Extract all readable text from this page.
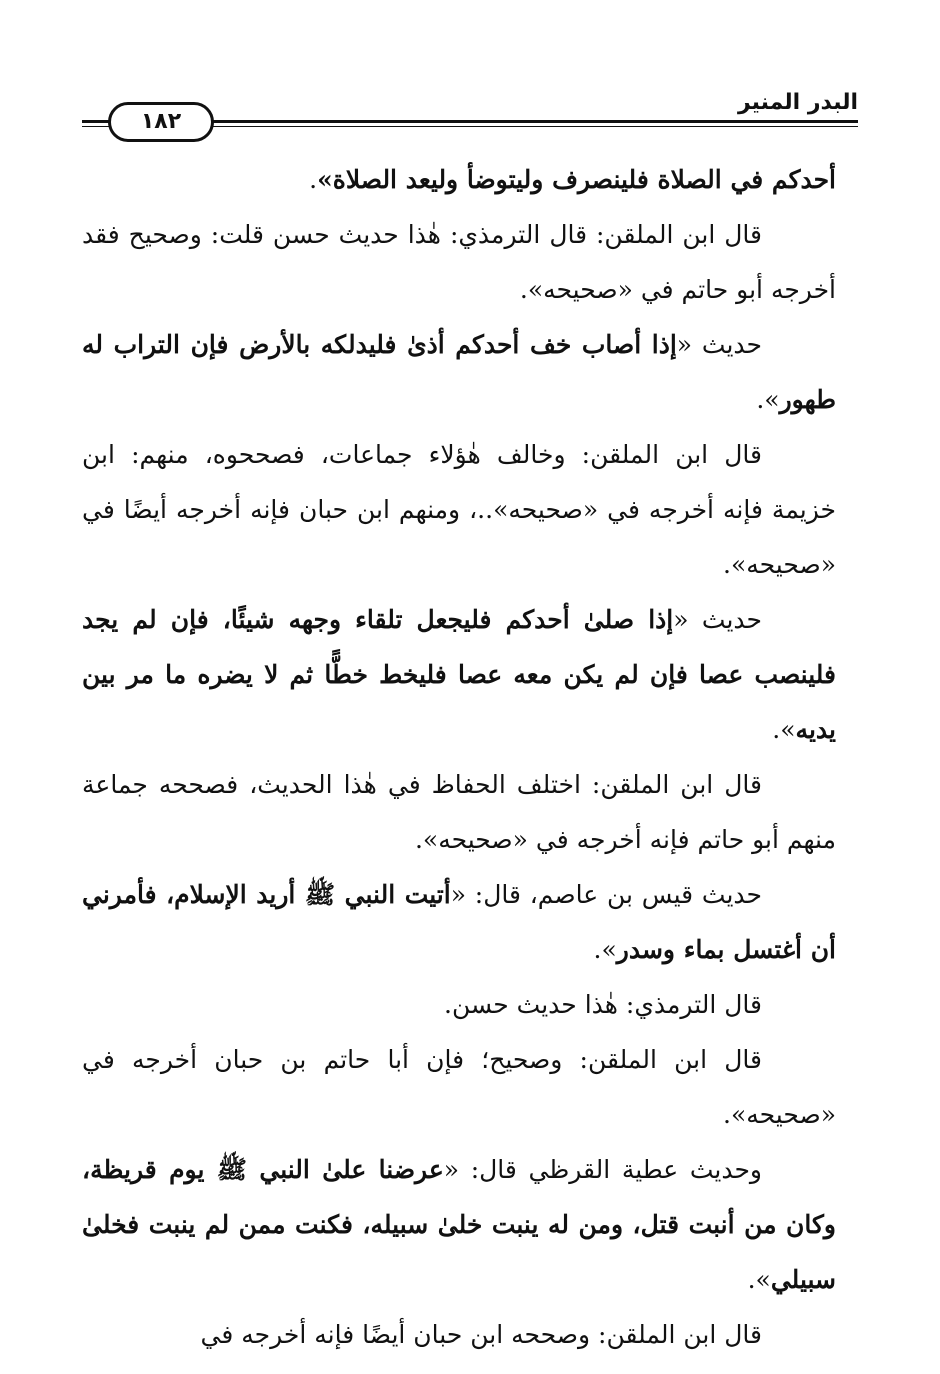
البدر المنير
١٨٢

أحدكم في الصلاة فلينصرف وليتوضأ وليعد الصلاة».

قال ابن الملقن: قال الترمذي: هٰذا حديث حسن قلت: وصحيح فقد أخرجه أبو حاتم في «صحيحه».

حديث «إذا أصاب خف أحدكم أذىٰ فليدلكه بالأرض فإن التراب له طهور».

قال ابن الملقن: وخالف هٰؤلاء جماعات، فصححوه، منهم: ابن خزيمة فإنه أخرجه في «صحيحه»..، ومنهم ابن حبان فإنه أخرجه أيضًا في «صحيحه».

حديث «إذا صلىٰ أحدكم فليجعل تلقاء وجهه شيئًا، فإن لم يجد فلينصب عصا فإن لم يكن معه عصا فليخط خطًّا ثم لا يضره ما مر بين يديه».

قال ابن الملقن: اختلف الحفاظ في هٰذا الحديث، فصححه جماعة منهم أبو حاتم فإنه أخرجه في «صحيحه».

حديث قيس بن عاصم، قال: «أتيت النبي ﷺ أريد الإسلام، فأمرني أن أغتسل بماء وسدر».

قال الترمذي: هٰذا حديث حسن.

قال ابن الملقن: وصحيح؛ فإن أبا حاتم بن حبان أخرجه في «صحيحه».

وحديث عطية القرظي قال: «عرضنا علىٰ النبي ﷺ يوم قريظة، وكان من أنبت قتل، ومن له ينبت خلىٰ سبيله، فكنت ممن لم ينبت فخلىٰ سبيلي».

قال ابن الملقن: وصححه ابن حبان أيضًا فإنه أخرجه في
